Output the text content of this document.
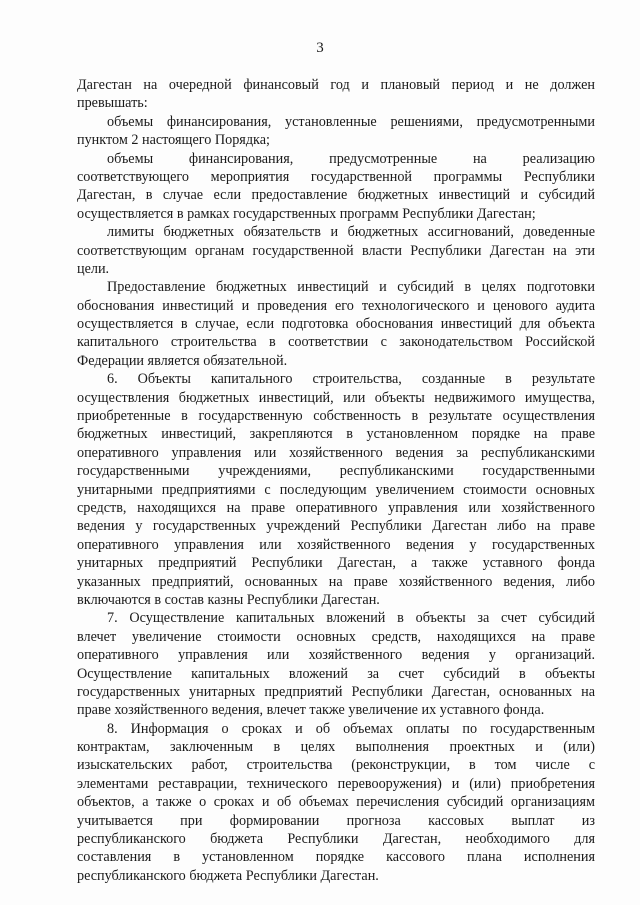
3
Дагестан на очередной финансовый год и плановый период и не должен
превышать:
объемы финансирования, установленные решениями, предусмотренными
пунктом 2 настоящего Порядка;
объемы финансирования, предусмотренные на реализацию
соответствующего мероприятия государственной программы Республики
Дагестан, в случае если предоставление бюджетных инвестиций и субсидий
осуществляется в рамках государственных программ Республики Дагестан;
лимиты бюджетных обязательств и бюджетных ассигнований, доведенные
соответствующим органам государственной власти Республики Дагестан на эти
цели.
Предоставление бюджетных инвестиций и субсидий в целях подготовки
обоснования инвестиций и проведения его технологического и ценового аудита
осуществляется в случае, если подготовка обоснования инвестиций для объекта
капитального строительства в соответствии с законодательством Российской
Федерации является обязательной.
6. Объекты капитального строительства, созданные в результате
осуществления бюджетных инвестиций, или объекты недвижимого имущества,
приобретенные в государственную собственность в результате осуществления
бюджетных инвестиций, закрепляются в установленном порядке на праве
оперативного управления или хозяйственного ведения за республиканскими
государственными учреждениями, республиканскими государственными
унитарными предприятиями с последующим увеличением стоимости основных
средств, находящихся на праве оперативного управления или хозяйственного
ведения у государственных учреждений Республики Дагестан либо на праве
оперативного управления или хозяйственного ведения у государственных
унитарных предприятий Республики Дагестан, а также уставного фонда
указанных предприятий, основанных на праве хозяйственного ведения, либо
включаются в состав казны Республики Дагестан.
7. Осуществление капитальных вложений в объекты за счет субсидий
влечет увеличение стоимости основных средств, находящихся на праве
оперативного управления или хозяйственного ведения у организаций.
Осуществление капитальных вложений за счет субсидий в объекты
государственных унитарных предприятий Республики Дагестан, основанных на
праве хозяйственного ведения, влечет также увеличение их уставного фонда.
8. Информация о сроках и об объемах оплаты по государственным
контрактам, заключенным в целях выполнения проектных и (или)
изыскательских работ, строительства (реконструкции, в том числе с
элементами реставрации, технического перевооружения) и (или) приобретения
объектов, а также о сроках и об объемах перечисления субсидий организациям
учитывается при формировании прогноза кассовых выплат из
республиканского бюджета Республики Дагестан, необходимого для
составления в установленном порядке кассового плана исполнения
республиканского бюджета Республики Дагестан.
